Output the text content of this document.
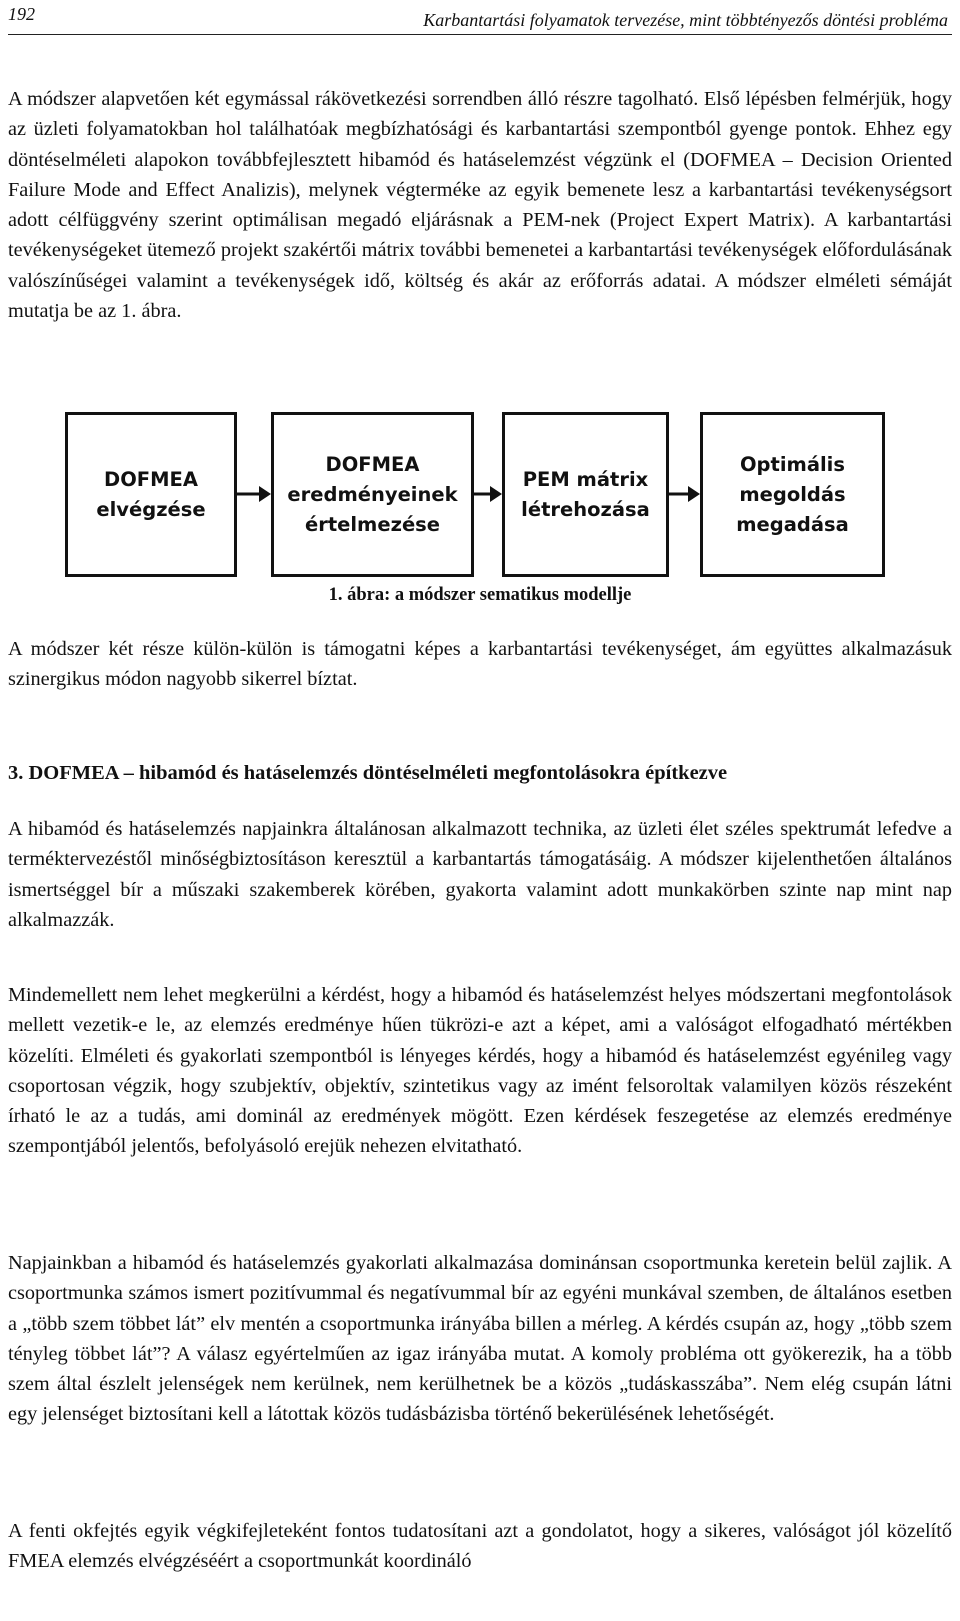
192	Karbantartási folyamatok tervezése, mint többtényezős döntési probléma

A módszer alapvetően két egymással rákövetkezési sorrendben álló részre tagolható. Első lépésben felmérjük, hogy az üzleti folyamatokban hol találhatóak megbízhatósági és karbantartási szempontból gyenge pontok. Ehhez egy döntéselméleti alapokon továbbfejlesztett hibamód és hatáselemzést végzünk el (DOFMEA – Decision Oriented Failure Mode and Effect Analizis), melynek végterméke az egyik bemenete lesz a karbantartási tevékenységsort adott célfüggvény szerint optimálisan megadó eljárásnak a PEM-nek (Project Expert Matrix). A karbantartási tevékenységeket ütemező projekt szakértői mátrix további bemenetei a karbantartási tevékenységek előfordulásának valószínűségei valamint a tevékenységek idő, költség és akár az erőforrás adatai. A módszer elméleti sémáját mutatja be az 1. ábra.

DOFMEA
elvégzése
DOFMEA
eredményeinek
értelmezése
PEM mátrix
létrehozása
Optimális
megoldás
megadása
1. ábra: a módszer sematikus modellje

A módszer két része külön-külön is támogatni képes a karbantartási tevékenységet, ám együttes alkalmazásuk szinergikus módon nagyobb sikerrel bíztat.

3. DOFMEA – hibamód és hatáselemzés döntéselméleti megfontolásokra építkezve

A hibamód és hatáselemzés napjainkra általánosan alkalmazott technika, az üzleti élet széles spektrumát lefedve a terméktervezéstől minőségbiztosításon keresztül a karbantartás támogatásáig. A módszer kijelenthetően általános ismertséggel bír a műszaki szakemberek körében, gyakorta valamint adott munkakörben szinte nap mint nap alkalmazzák.

Mindemellett nem lehet megkerülni a kérdést, hogy a hibamód és hatáselemzést helyes módszertani megfontolások mellett vezetik-e le, az elemzés eredménye hűen tükrözi-e azt a képet, ami a valóságot elfogadható mértékben közelíti. Elméleti és gyakorlati szempontból is lényeges kérdés, hogy a hibamód és hatáselemzést egyénileg vagy csoportosan végzik, hogy szubjektív, objektív, szintetikus vagy az imént felsoroltak valamilyen közös részeként írható le az a tudás, ami dominál az eredmények mögött. Ezen kérdések feszegetése az elemzés eredménye szempontjából jelentős, befolyásoló erejük nehezen elvitatható.

Napjainkban a hibamód és hatáselemzés gyakorlati alkalmazása dominánsan csoportmunka keretein belül zajlik. A csoportmunka számos ismert pozitívummal és negatívummal bír az egyéni munkával szemben, de általános esetben a „több szem többet lát” elv mentén a csoportmunka irányába billen a mérleg. A kérdés csupán az, hogy „több szem tényleg többet lát”? A válasz egyértelműen az igaz irányába mutat. A komoly probléma ott gyökerezik, ha a több szem által észlelt jelenségek nem kerülnek, nem kerülhetnek be a közös „tudáskasszába”. Nem elég csupán látni egy jelenséget biztosítani kell a látottak közös tudásbázisba történő bekerülésének lehetőségét.

A fenti okfejtés egyik végkifejleteként fontos tudatosítani azt a gondolatot, hogy a sikeres, valóságot jól közelítő FMEA elemzés elvégzéséért a csoportmunkát koordináló
